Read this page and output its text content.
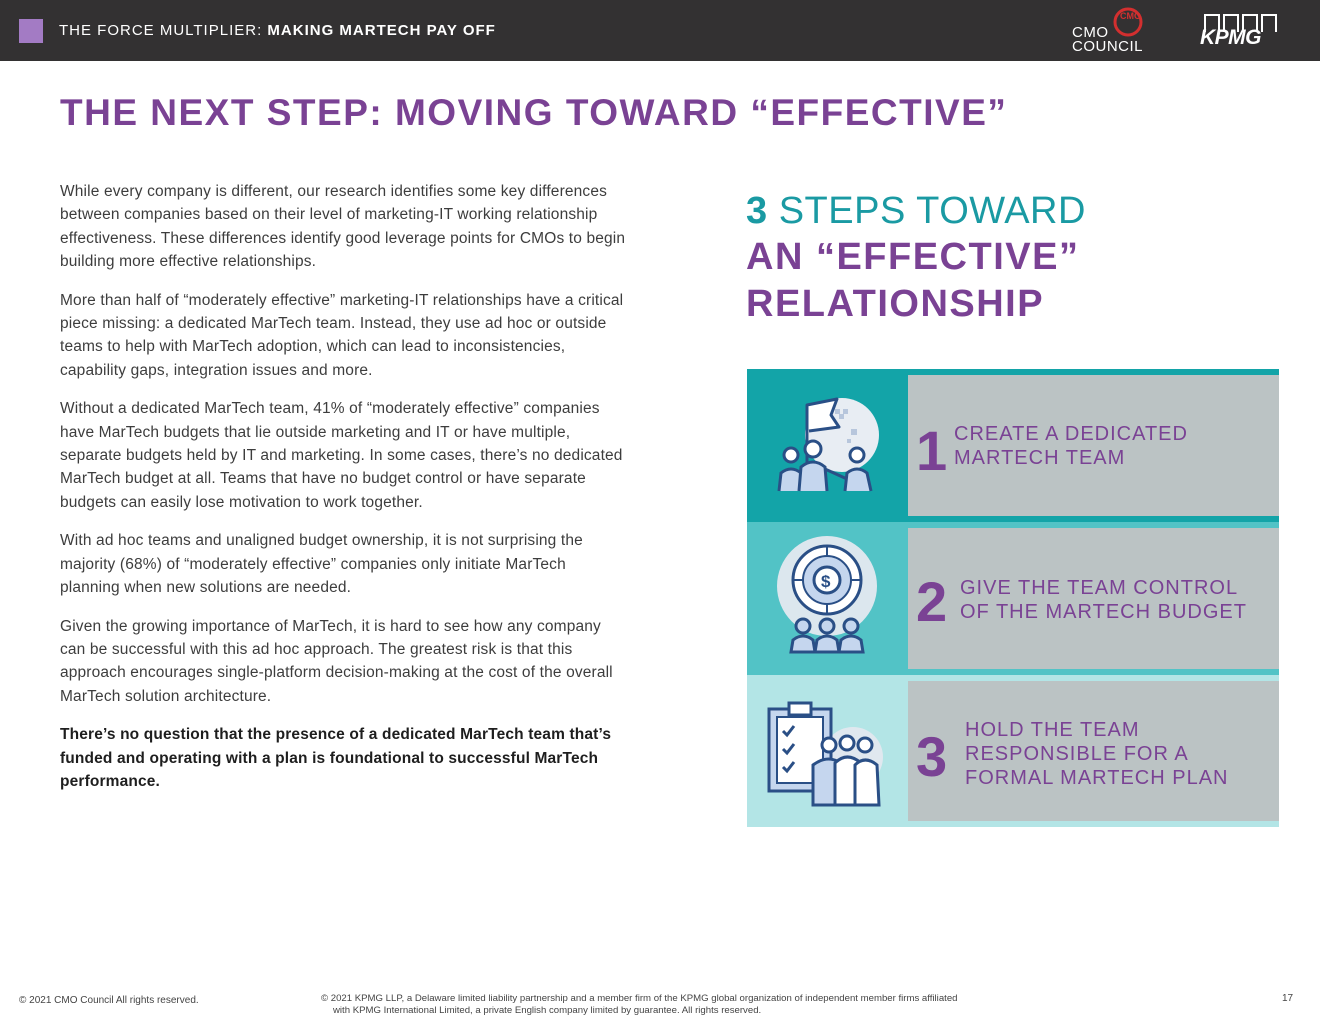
THE FORCE MULTIPLIER: MAKING MARTECH PAY OFF
CMO
CMO
COUNCIL	KPMG
THE NEXT STEP: MOVING TOWARD “EFFECTIVE”

While every company is different, our research identifies some key differences between companies based on their level of marketing-IT working relationship effectiveness. These differences identify good leverage points for CMOs to begin building more effective relationships.

More than half of “moderately effective” marketing-IT relationships have a critical piece missing: a dedicated MarTech team. Instead, they use ad hoc or outside teams to help with MarTech adoption, which can lead to inconsistencies, capability gaps, integration issues and more.

Without a dedicated MarTech team, 41% of “moderately effective” companies have MarTech budgets that lie outside marketing and IT or have multiple, separate budgets held by IT and marketing. In some cases, there’s no dedicated MarTech budget at all. Teams that have no budget control or have separate budgets can easily lose motivation to work together.

With ad hoc teams and unaligned budget ownership, it is not surprising the majority (68%) of “moderately effective” companies only initiate MarTech planning when new solutions are needed.

Given the growing importance of MarTech, it is hard to see how any company can be successful with this ad hoc approach. The greatest risk is that this approach encourages single-platform decision-making at the cost of the overall MarTech solution architecture.

There’s no question that the presence of a dedicated MarTech team that’s funded and operating with a plan is foundational to successful MarTech performance.

3 STEPS TOWARD
AN “EFFECTIVE”
RELATIONSHIP
1 CREATE A DEDICATED
MARTECH TEAM
$ 2 GIVE THE TEAM CONTROL
OF THE MARTECH BUDGET
3 HOLD THE TEAM
RESPONSIBLE FOR A
FORMAL MARTECH PLAN
© 2021 CMO Council All rights reserved.	© 2021 KPMG LLP, a Delaware limited liability partnership and a member firm of the KPMG global organization of independent member firms affiliated
with KPMG International Limited, a private English company limited by guarantee. All rights reserved.
17
